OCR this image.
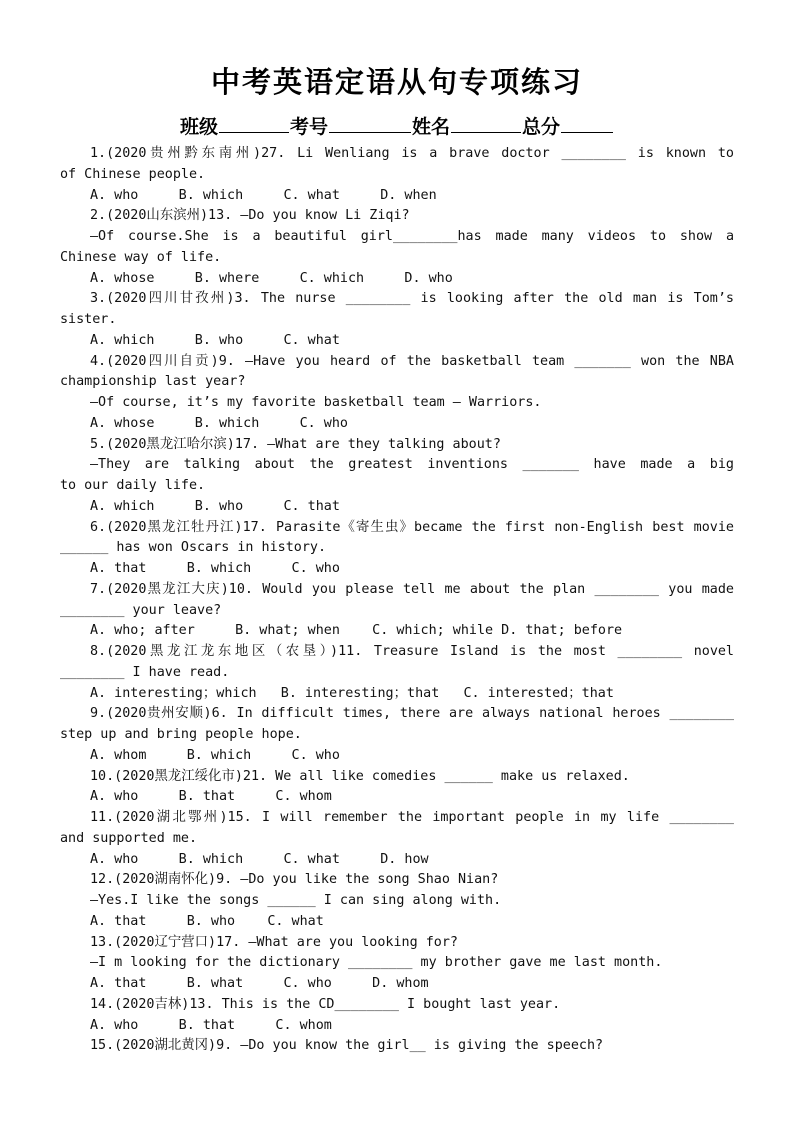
中考英语定语从句专项练习
班级	考号	姓名	总分
1.(2020贵州黔东南州)27. Li Wenliang is a brave doctor ________ is known to
of Chinese people.
A. who     B. which     C. what     D. when
2.(2020山东滨州)13. —Do you know Li Ziqi?
—Of course.She is a beautiful girl________has made many videos to show a
Chinese way of life.
A. whose     B. where     C. which     D. who
3.(2020四川甘孜州)3. The nurse ________ is looking after the old man is Tom’s
sister.
A. which     B. who     C. what
4.(2020四川自贡)9. —Have you heard of the basketball team _______ won the NBA
championship last year?
—Of course, it’s my favorite basketball team — Warriors.
A. whose     B. which     C. who
5.(2020黑龙江哈尔滨)17. —What are they talking about?
—They are talking about the greatest inventions _______ have made a big
to our daily life.
A. which     B. who     C. that
6.(2020黑龙江牡丹江)17. Parasite《寄生虫》became the first non-English best movie
______ has won Oscars in history.
A. that     B. which     C. who
7.(2020黑龙江大庆)10. Would you please tell me about the plan ________ you made
________ your leave?
A. who; after     B. what; when    C. which; while D. that; before
8.(2020黑龙江龙东地区（农垦）)11. Treasure Island is the most ________ novel
________ I have read.
A. interesting；which   B. interesting；that   C. interested；that
9.(2020贵州安顺)6. In difficult times, there are always national heroes ________
step up and bring people hope.
A. whom     B. which     C. who
10.(2020黑龙江绥化市)21. We all like comedies ______ make us relaxed.
A. who     B. that     C. whom
11.(2020湖北鄂州)15. I will remember the important people in my life ________
and supported me.
A. who     B. which     C. what     D. how
12.(2020湖南怀化)9. —Do you like the song Shao Nian?
—Yes.I like the songs ______ I can sing along with.
A. that     B. who    C. what
13.(2020辽宁营口)17. —What are you looking for?
—I m looking for the dictionary ________ my brother gave me last month.
A. that     B. what     C. who     D. whom
14.(2020吉林)13. This is the CD________ I bought last year.
A. who     B. that     C. whom
15.(2020湖北黄冈)9. —Do you know the girl__ is giving the speech?
